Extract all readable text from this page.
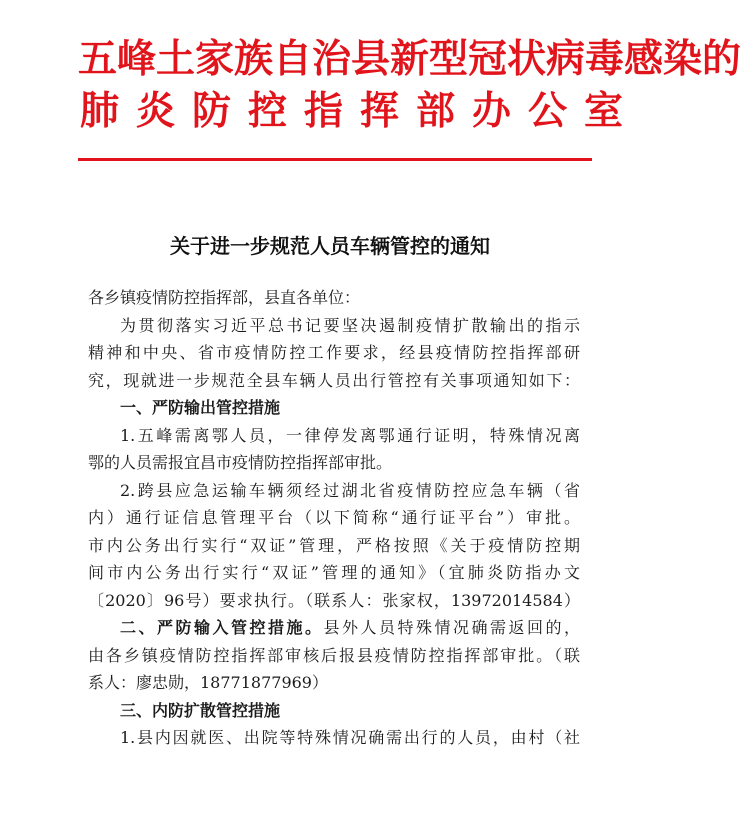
五峰土家族自治县新型冠状病毒感染的
肺炎防控指挥部办公室
关于进一步规范人员车辆管控的通知
各乡镇疫情防控指挥部，县直各单位：
为贯彻落实习近平总书记要坚决遏制疫情扩散输出的指示
精神和中央、省市疫情防控工作要求，经县疫情防控指挥部研
究，现就进一步规范全县车辆人员出行管控有关事项通知如下：
一、严防输出管控措施
1.五峰需离鄂人员，一律停发离鄂通行证明，特殊情况离
鄂的人员需报宜昌市疫情防控指挥部审批。
2.跨县应急运输车辆须经过湖北省疫情防控应急车辆（省
内）通行证信息管理平台（以下简称“通行证平台”）审批。
市内公务出行实行“双证”管理，严格按照《关于疫情防控期
间市内公务出行实行“双证”管理的通知》（宜肺炎防指办文
〔2020〕96号）要求执行。（联系人：张家权，13972014584）
二、严防输入管控措施。县外人员特殊情况确需返回的，
由各乡镇疫情防控指挥部审核后报县疫情防控指挥部审批。（联
系人：廖忠勋，18771877969）
三、内防扩散管控措施
1.县内因就医、出院等特殊情况确需出行的人员，由村（社
